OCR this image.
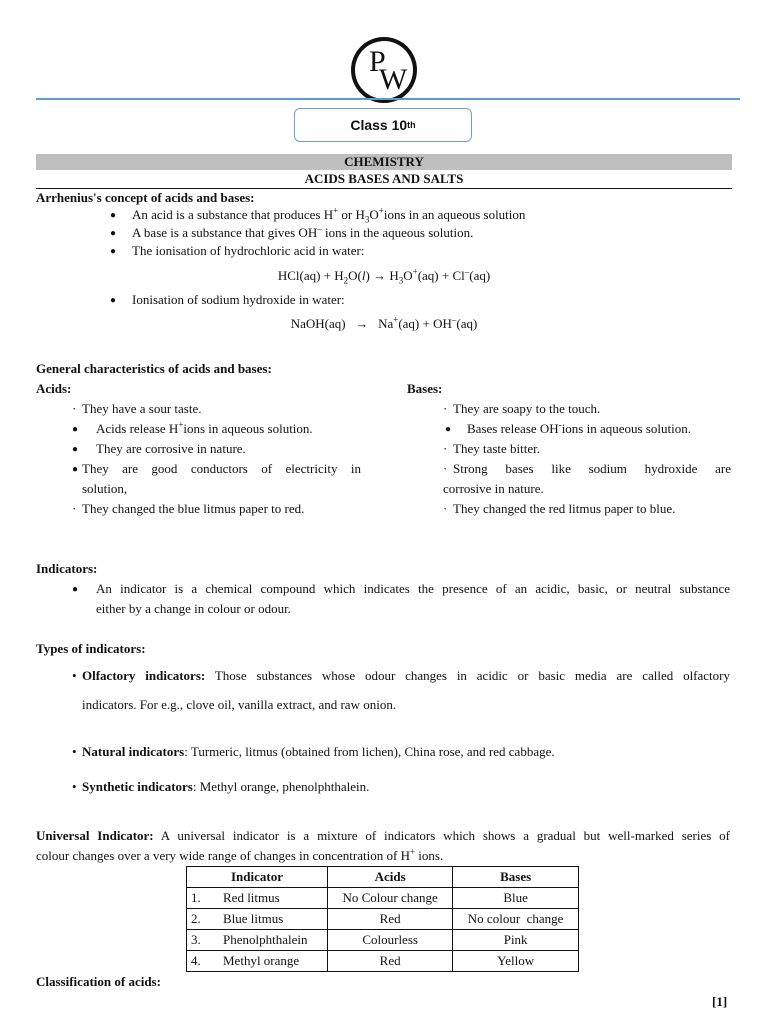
P
W
Class 10 th
CHEMISTRY
ACIDS BASES AND SALTS
Arrhenius's concept of acids and bases:
● An acid is a substance that produces H+ or $H_3O^+ions$ in an aqueous solution
● A base is a substance that gives OH– ions in the aqueous solution.
● The ionisation of hydrochloric acid in water:
$HCl(aq) + H_2O(l) \to H_3O^+(aq) + Cl^-(aq)$
● Ionisation of sodium hydroxide in water:
NaOH(aq)   →   Na+(aq) + OH–(aq)
General characteristics of acids and bases:
Acids:	Bases:
· They have a sour taste.
● Acids release H+ions in aqueous solution.
● They are corrosive in nature.
● They are good conductors of electricity in
solution,
· They changed the blue litmus paper to red.
· They are soapy to the touch.
● Bases release OH-ions in aqueous solution.
· They taste bitter.
· Strong bases like sodium hydroxide are
corrosive in nature.
· They changed the red litmus paper to blue.
Indicators:
● An indicator is a chemical compound which indicates the presence of an acidic, basic, or neutral substance
either by a change in colour or odour.
Types of indicators:
• Olfactory indicators: Those substances whose odour changes in acidic or basic media are called olfactory
indicators. For e.g., clove oil, vanilla extract, and raw onion.
• Natural indicators: Turmeric, litmus (obtained from lichen), China rose, and red cabbage.
• Synthetic indicators: Methyl orange, phenolphthalein.
Universal Indicator: A universal indicator is a mixture of indicators which shows a gradual but well-marked series of
colour changes over a very wide range of changes in concentration of H+ ions.
Indicator		Acids	Bases
1.	Red litmus	No Colour change	Blue
2.	Blue litmus	Red	No colour  change
3.	Phenolphthalein	Colourless	Pink
4.	Methyl orange	Red	Yellow
Classification of acids:
[1]
